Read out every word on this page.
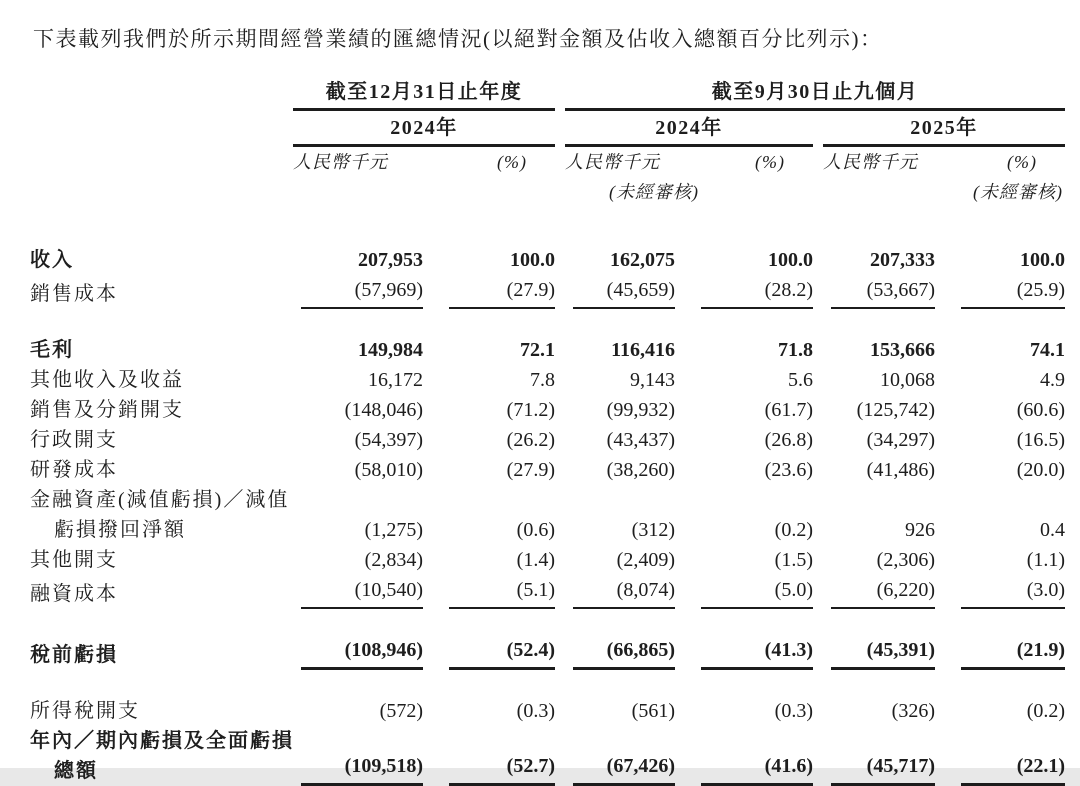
下表載列我們於所示期間經營業績的匯總情況(以絕對金額及佔收入總額百分比列示)：

	截至12月31日止年度			截至9月30日止九個月				

	2024年			2024年			2025年	

	人民幣千元	(%)		人民幣千元	(%)		人民幣千元	(%)
				(未經審核)			(未經審核)	

收入	207,953	100.0		162,075	100.0		207,333	100.0

銷售成本	(57,969)	(27.9)		(45,659)	(28.2)		(53,667)	(25.9)

毛利	149,984	72.1		116,416	71.8		153,666	74.1

其他收入及收益	16,172	7.8		9,143	5.6		10,068	4.9

銷售及分銷開支	(148,046)	(71.2)		(99,932)	(61.7)		(125,742)	(60.6)

行政開支	(54,397)	(26.2)		(43,437)	(26.8)		(34,297)	(16.5)

研發成本	(58,010)	(27.9)		(38,260)	(23.6)		(41,486)	(20.0)

金融資產(減值虧損)／減值
虧損撥回淨額	(1,275)	(0.6)		(312)	(0.2)		926	0.4

其他開支	(2,834)	(1.4)		(2,409)	(1.5)		(2,306)	(1.1)

融資成本	(10,540)	(5.1)		(8,074)	(5.0)		(6,220)	(3.0)

稅前虧損	(108,946)	(52.4)		(66,865)	(41.3)		(45,391)	(21.9)

所得稅開支	(572)	(0.3)		(561)	(0.3)		(326)	(0.2)

年內／期內虧損及全面虧損
總額	(109,518)	(52.7)		(67,426)	(41.6)		(45,717)	(22.1)
